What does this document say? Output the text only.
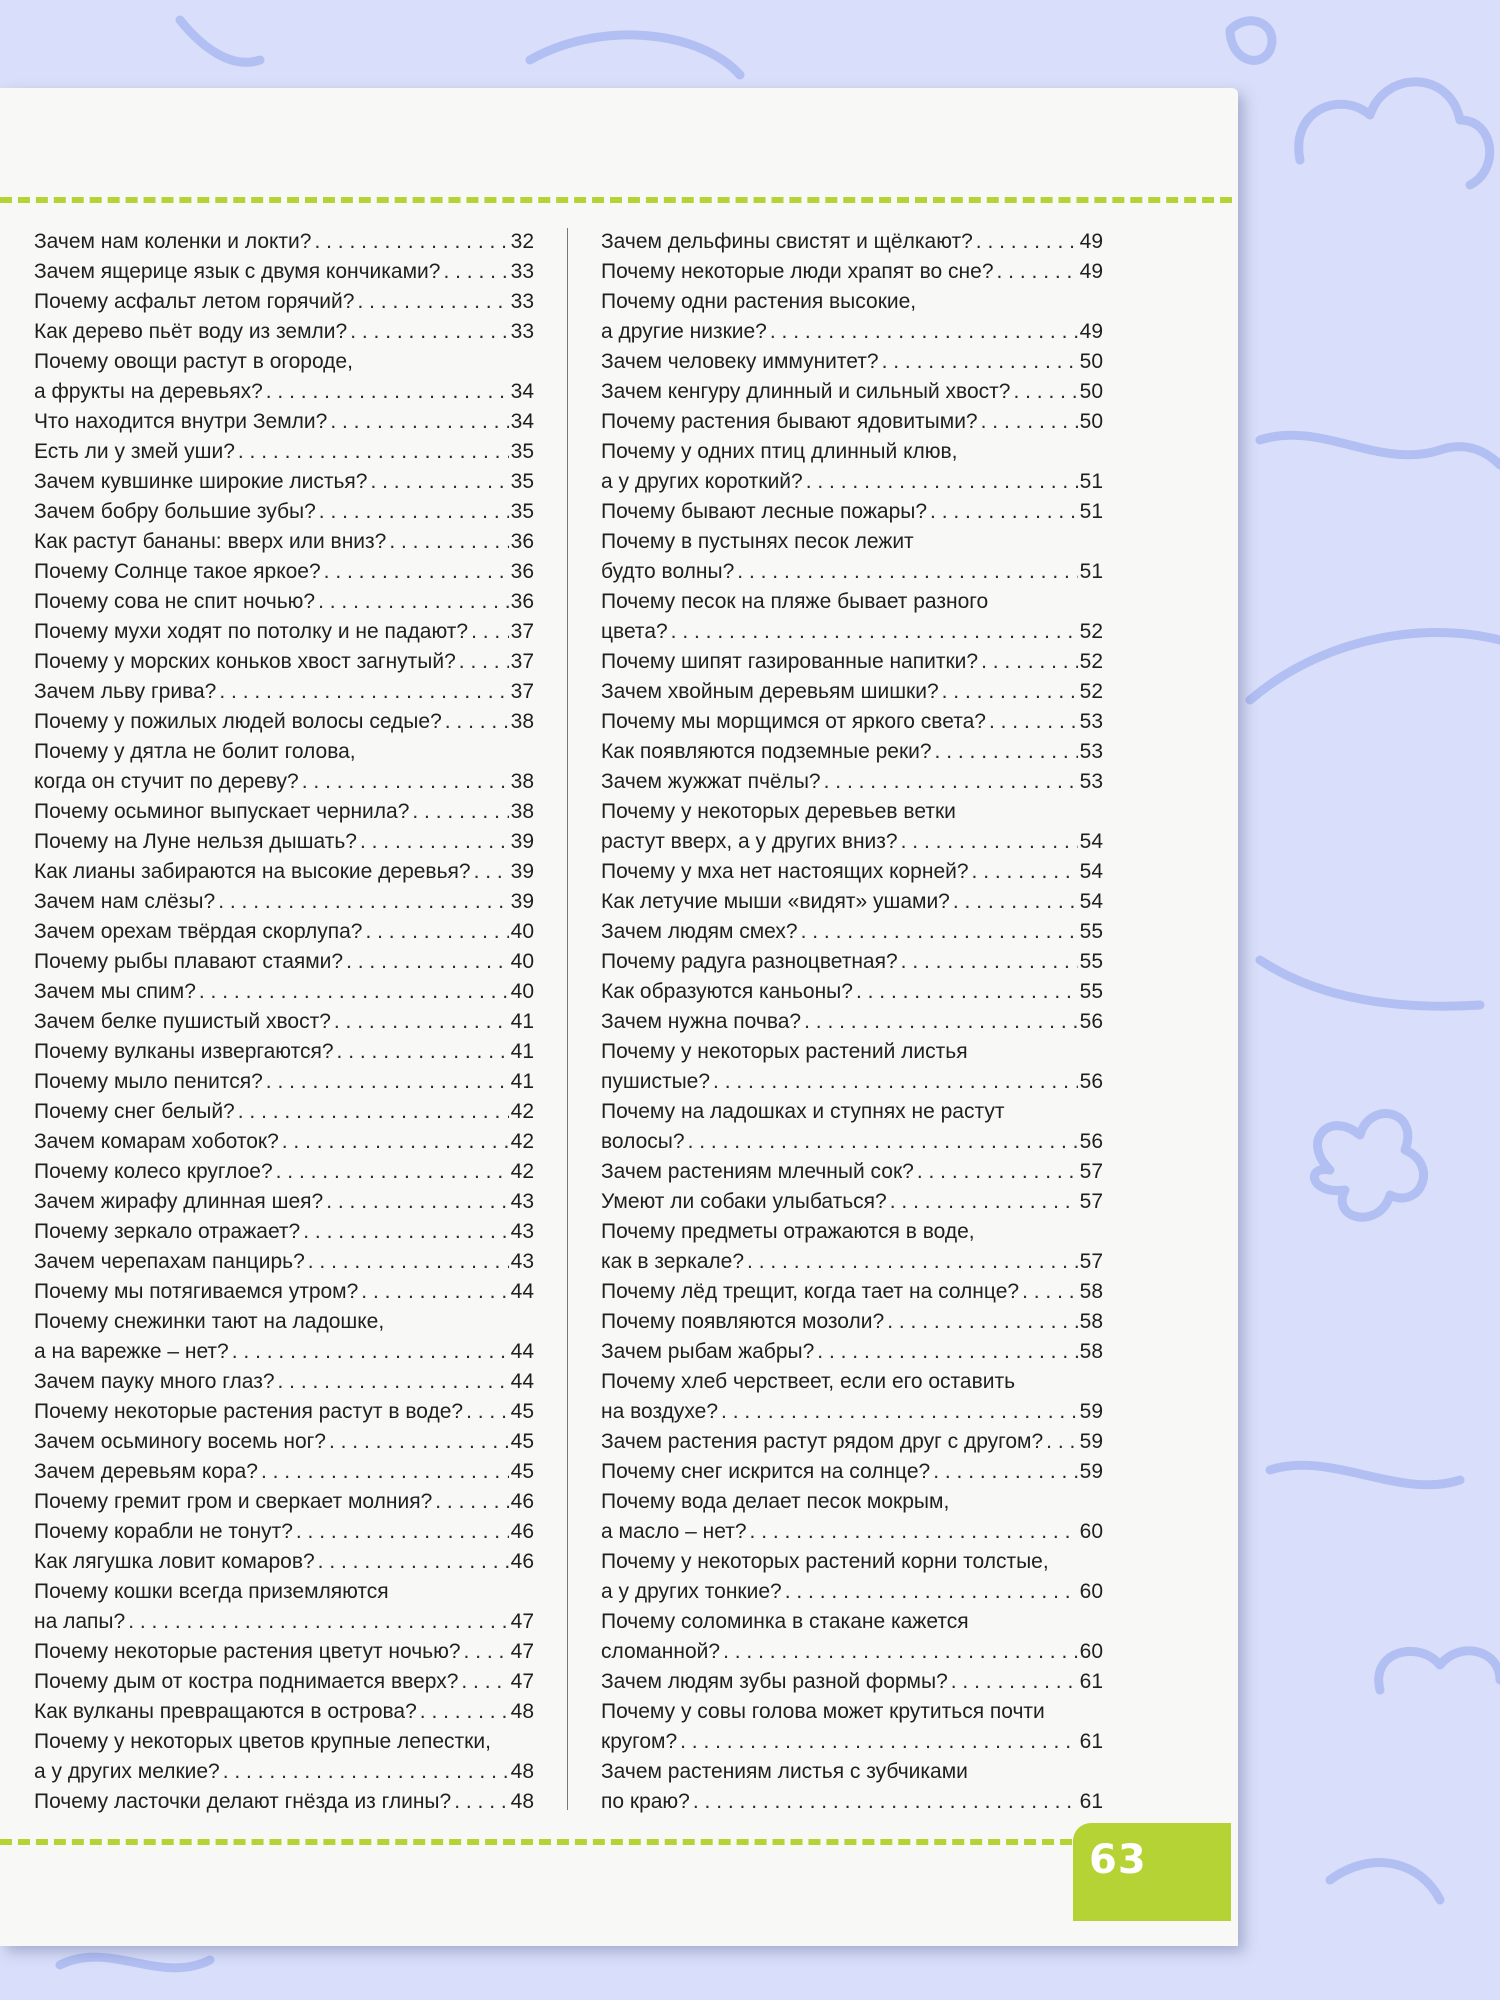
Зачем нам коленки и локти? . . .	32
Зачем ящерице язык с двумя кончиками? . . .	33
Почему асфальт летом горячий? . . .	33
Как дерево пьёт воду из земли? . . .	33
Почему овощи растут в огороде,
а фрукты на деревьях? . . .	34
Что находится внутри Земли? . . .	34
Есть ли у змей уши? . . .	35
Зачем кувшинке широкие листья? . . .	35
Зачем бобру большие зубы? . . .	35
Как растут бананы: вверх или вниз? . . .	36
Почему Солнце такое яркое? . . .	36
Почему сова не спит ночью? . . .	36
Почему мухи ходят по потолку и не падают? . . . 37
Почему у морских коньков хвост загнутый? . . .	37
Зачем льву грива? . . .	37
Почему у пожилых людей волосы седые? . . .	38
Почему у дятла не болит голова,
когда он стучит по дереву? . . .	38
Почему осьминог выпускает чернила? . . .	38
Почему на Луне нельзя дышать? . . .	39
Как лианы забираются на высокие деревья? . . . 39
Зачем нам слёзы? . . .	39
Зачем орехам твёрдая скорлупа? . . .	40
Почему рыбы плавают стаями? . . .	40
Зачем мы спим? . . .	40
Зачем белке пушистый хвост? . . .	41
Почему вулканы извергаются? . . .	41
Почему мыло пенится? . . .	41
Почему снег белый? . . .	42
Зачем комарам хоботок? . . .	42
Почему колесо круглое? . . .	42
Зачем жирафу длинная шея? . . .	43
Почему зеркало отражает? . . .	43
Зачем черепахам панцирь? . . .	43
Почему мы потягиваемся утром? . . .	44
Почему снежинки тают на ладошке,
а на варежке – нет? . . .	44
Зачем пауку много глаз? . . .	44
Почему некоторые растения растут в воде? . . . 45
Зачем осьминогу восемь ног? . . .	45
Зачем деревьям кора? . . .	45
Почему гремит гром и сверкает молния? . . .	46
Почему корабли не тонут? . . .	46
Как лягушка ловит комаров? . . .	46
Почему кошки всегда приземляются
на лапы? . . .	47
Почему некоторые растения цветут ночью? . . . 47
Почему дым от костра поднимается вверх? . . . 47
Как вулканы превращаются в острова? . . .	48
Почему у некоторых цветов крупные лепестки,
а у других мелкие? . . .	48
Почему ласточки делают гнёзда из глины? . . .	48
Зачем дельфины свистят и щёлкают? . . .	49
Почему некоторые люди храпят во сне? . . .	49
Почему одни растения высокие,
а другие низкие? . . .	49
Зачем человеку иммунитет? . . .	50
Зачем кенгуру длинный и сильный хвост? . . .	50
Почему растения бывают ядовитыми? . . .	50
Почему у одних птиц длинный клюв,
а у других короткий? . . .	51
Почему бывают лесные пожары? . . .	51
Почему в пустынях песок лежит
будто волны? . . .	51
Почему песок на пляже бывает разного
цвета? . . .	52
Почему шипят газированные напитки? . . .	52
Зачем хвойным деревьям шишки? . . .	52
Почему мы морщимся от яркого света? . . .	53
Как появляются подземные реки? . . .	53
Зачем жужжат пчёлы? . . .	53
Почему у некоторых деревьев ветки
растут вверх, а у других вниз? . . .	54
Почему у мха нет настоящих корней? . . .	54
Как летучие мыши «видят» ушами? . . .	54
Зачем людям смех? . . .	55
Почему радуга разноцветная? . . .	55
Как образуются каньоны? . . .	55
Зачем нужна почва? . . .	56
Почему у некоторых растений листья
пушистые? . . .	56
Почему на ладошках и ступнях не растут
волосы? . . .	56
Зачем растениям млечный сок? . . .	57
Умеют ли собаки улыбаться? . . .	57
Почему предметы отражаются в воде,
как в зеркале? . . .	57
Почему лёд трещит, когда тает на солнце? . . .	58
Почему появляются мозоли? . . .	58
Зачем рыбам жабры? . . .	58
Почему хлеб черствеет, если его оставить
на воздухе? . . .	59
Зачем растения растут рядом друг с другом? . . . 59
Почему снег искрится на солнце? . . .	59
Почему вода делает песок мокрым,
а масло – нет? . . .	60
Почему у некоторых растений корни толстые,
а у других тонкие? . . .	60
Почему соломинка в стакане кажется
сломанной? . . .	60
Зачем людям зубы разной формы? . . .	61
Почему у совы голова может крутиться почти
кругом? . . .	61
Зачем растениям листья с зубчиками
по краю? . . .	61
63
